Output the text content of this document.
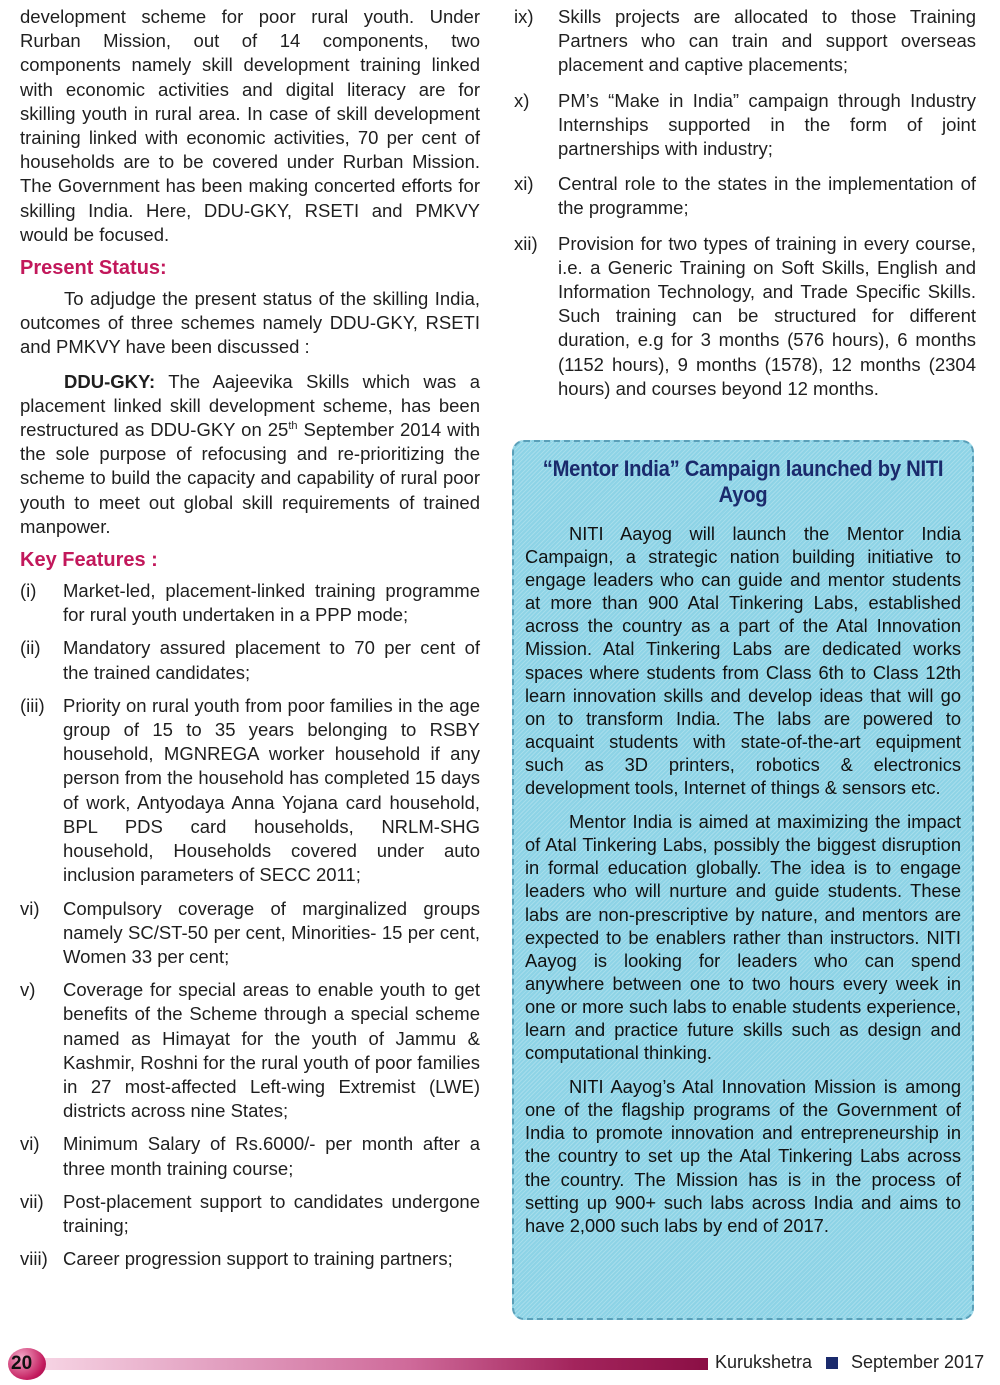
development scheme for poor rural youth. Under Rurban Mission, out of 14 components, two components namely skill development training linked with economic activities and digital literacy are for skilling youth in rural area. In case of skill development training linked with economic activities, 70 per cent of households are to be covered under Rurban Mission. The Government has been making concerted efforts for skilling India. Here, DDU-GKY, RSETI and PMKVY would be focused.

Present Status:

To adjudge the present status of the skilling India, outcomes of three schemes namely DDU-GKY, RSETI and PMKVY have been discussed :

DDU-GKY: The Aajeevika Skills which was a placement linked skill development scheme, has been restructured as DDU-GKY on 25th September 2014 with the sole purpose of refocusing and re-prioritizing the scheme to build the capacity and capability of rural poor youth to meet out global skill requirements of trained manpower.

Key Features :
(i)	Market-led, placement-linked training programme for rural youth undertaken in a PPP mode;
(ii)	Mandatory assured placement to 70 per cent of the trained candidates;
(iii) Priority on rural youth from poor families in the age group of 15 to 35 years belonging to RSBY household, MGNREGA worker household if any person from the household has completed 15 days of work, Antyodaya Anna Yojana card household, BPL PDS card households, NRLM-SHG household, Households covered under auto inclusion parameters of SECC 2011;
vi)	Compulsory coverage of marginalized groups namely SC/ST-50 per cent, Minorities- 15 per cent, Women 33 per cent;
v)	Coverage for special areas to enable youth to get benefits of the Scheme through a special scheme named as Himayat for the youth of Jammu & Kashmir, Roshni for the rural youth of poor families in 27 most-affected Left-wing Extremist (LWE) districts across nine States;
vi)	Minimum Salary of Rs.6000/- per month after a three month training course;
vii)	Post-placement support to candidates undergone training;
viii) Career progression support to training partners;
ix)	Skills projects are allocated to those Training Partners who can train and support overseas placement and captive placements;
x)	PM’s “Make in India” campaign through Industry Internships supported in the form of joint partnerships with industry;
xi)	Central role to the states in the implementation of the programme;
xii)	Provision for two types of training in every course, i.e. a Generic Training on Soft Skills, English and Information Technology, and Trade Specific Skills. Such training can be structured for different duration, e.g for 3 months (576 hours), 6 months (1152 hours), 9 months (1578), 12 months (2304 hours) and courses beyond 12 months.
“Mentor India” Campaign launched by NITI Ayog

NITI Aayog will launch the Mentor India Campaign, a strategic nation building initiative to engage leaders who can guide and mentor students at more than 900 Atal Tinkering Labs, established across the country as a part of the Atal Innovation Mission. Atal Tinkering Labs are dedicated works spaces where students from Class 6th to Class 12th learn innovation skills and develop ideas that will go on to transform India. The labs are powered to acquaint students with state-of-the-art equipment such as 3D printers, robotics & electronics development tools, Internet of things & sensors etc.

Mentor India is aimed at maximizing the impact of Atal Tinkering Labs, possibly the biggest disruption in formal education globally. The idea is to engage leaders who will nurture and guide students. These labs are non-prescriptive by nature, and mentors are expected to be enablers rather than instructors. NITI Aayog is looking for leaders who can spend anywhere between one to two hours every week in one or more such labs to enable students experience, learn and practice future skills such as design and computational thinking.

NITI Aayog’s Atal Innovation Mission is among one of the flagship programs of the Government of India to promote innovation and entrepreneurship in the country to set up the Atal Tinkering Labs across the country. The Mission has is in the process of setting up 900+ such labs across India and aims to have 2,000 such labs by end of 2017.

20	Kurukshetra September 2017
